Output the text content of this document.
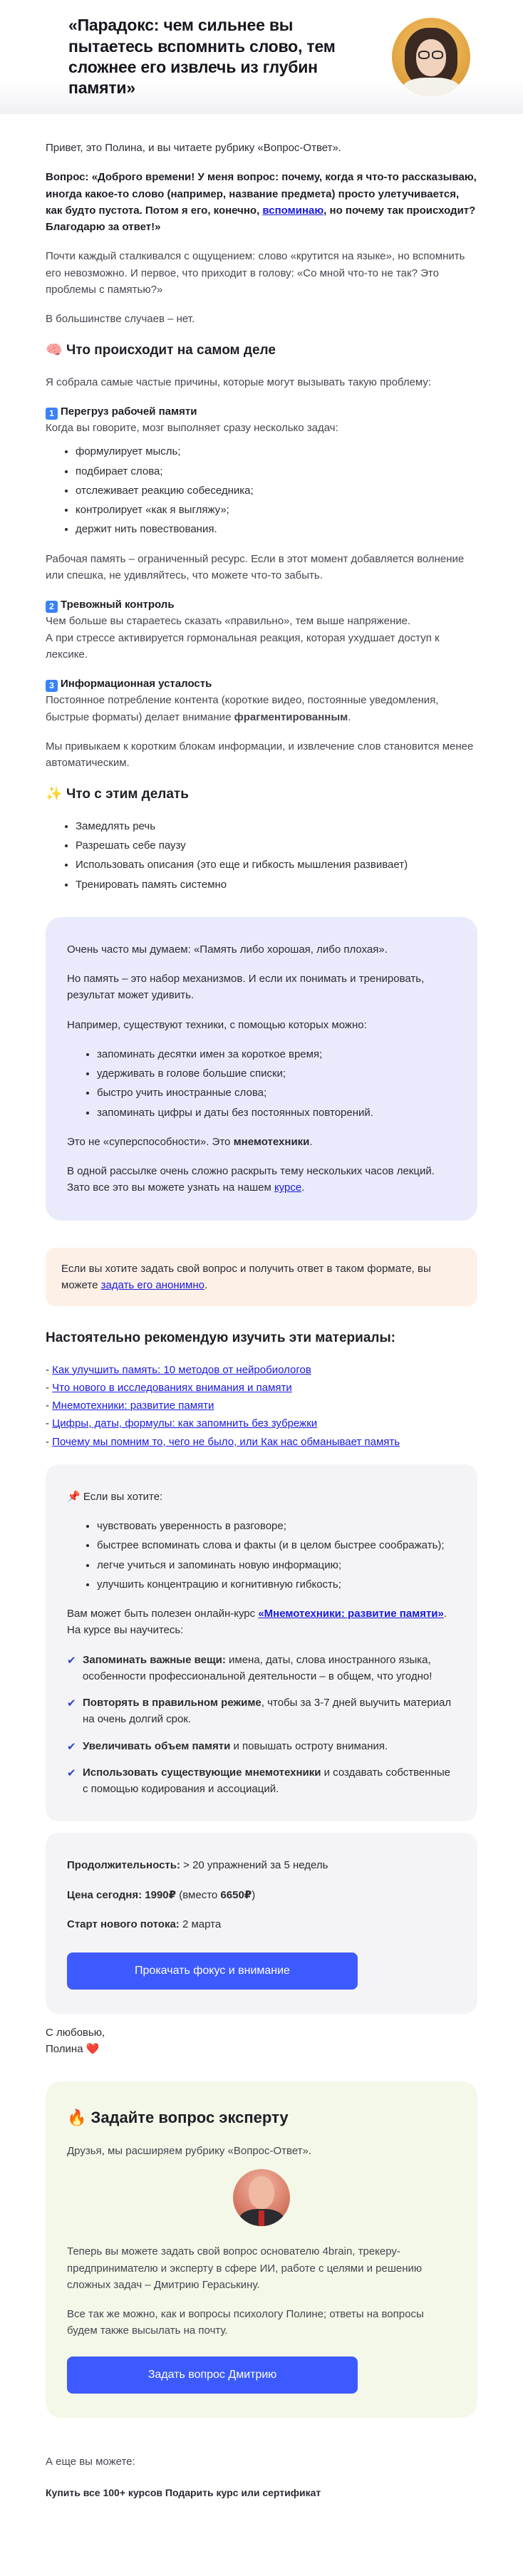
«Парадокс: чем сильнее вы пытаетесь вспомнить слово, тем сложнее его извлечь из глубин памяти»

Привет, это Полина, и вы читаете рубрику «Вопрос-Ответ».

Вопрос: «Доброго времени! У меня вопрос: почему, когда я что-то рассказываю, иногда какое-то слово (например, название предмета) просто улетучивается, как будто пустота. Потом я его, конечно, вспоминаю, но почему так происходит? Благодарю за ответ!»

Почти каждый сталкивался с ощущением: слово «крутится на языке», но вспомнить его невозможно. И первое, что приходит в голову: «Со мной что-то не так? Это проблемы с памятью?»

В большинстве случаев – нет.

🧠 Что происходит на самом деле

Я собрала самые частые причины, которые могут вызывать такую проблему:

1 Перегруз рабочей памяти
Когда вы говорите, мозг выполняет сразу несколько задач:
• формулирует мысль;
• подбирает слова;
• отслеживает реакцию собеседника;
• контролирует «как я выгляжу»;
• держит нить повествования.

Рабочая память – ограниченный ресурс. Если в этот момент добавляется волнение или спешка, не удивляйтесь, что можете что-то забыть.

2 Тревожный контроль
Чем больше вы стараетесь сказать «правильно», тем выше напряжение.

А при стрессе активируется гормональная реакция, которая ухудшает доступ к лексике.

3 Информационная усталость

Постоянное потребление контента (короткие видео, постоянные уведомления, быстрые форматы) делает внимание фрагментированным.

Мы привыкаем к коротким блокам информации, и извлечение слов становится менее автоматическим.

✨ Что с этим делать
• Замедлять речь
• Разрешать себе паузу
• Использовать описания (это еще и гибкость мышления развивает)
• Тренировать память системно

Очень часто мы думаем: «Память либо хорошая, либо плохая».

Но память – это набор механизмов. И если их понимать и тренировать, результат может удивить.

Например, существуют техники, с помощью которых можно:

• запоминать десятки имен за короткое время;
• удерживать в голове большие списки;
• быстро учить иностранные слова;
• запоминать цифры и даты без постоянных повторений.

Это не «суперспособности». Это мнемотехники.

В одной рассылке очень сложно раскрыть тему нескольких часов лекций. Зато все это вы можете узнать на нашем курсе.

Если вы хотите задать свой вопрос и получить ответ в таком формате, вы можете задать его анонимно.
Настоятельно рекомендую изучить эти материалы:
- Как улучшить память: 10 методов от нейробиологов
- Что нового в исследованиях внимания и памяти
- Мнемотехники: развитие памяти
- Цифры, даты, формулы: как запомнить без зубрежки
- Почему мы помним то, чего не было, или Как нас обманывает память

📌 Если вы хотите:

• чувствовать уверенность в разговоре;
• быстрее вспоминать слова и факты (и в целом быстрее соображать);
• легче учиться и запоминать новую информацию;
• улучшить концентрацию и когнитивную гибкость;

Вам может быть полезен онлайн-курс «Мнемотехники: развитие памяти». На курсе вы научитесь:

✔ Запоминать важные вещи: имена, даты, слова иностранного языка, особенности профессиональной деятельности – в общем, что угодно!
✔ Повторять в правильном режиме, чтобы за 3-7 дней выучить материал на очень долгий срок.
✔ Увеличивать объем памяти и повышать остроту внимания.
✔ Использовать существующие мнемотехники и создавать собственные с помощью кодирования и ассоциаций.

Продолжительность: > 20 упражнений за 5 недель

Цена сегодня: 1990₽ (вместо 6650₽)

Старт нового потока: 2 марта

Прокачать фокус и внимание
С любовью,
Полина ❤️
🔥 Задайте вопрос эксперту

Друзья, мы расширяем рубрику «Вопрос-Ответ».

Теперь вы можете задать свой вопрос основателю 4brain, трекеру-предпринимателю и эксперту в сфере ИИ, работе с целями и решению сложных задач – Дмитрию Гераськину.

Все так же можно, как и вопросы психологу Полине; ответы на вопросы будем также высылать на почту.

Задать вопрос Дмитрию

А еще вы можете:

Купить все 100+ курсов Подарить курс или сертификат
